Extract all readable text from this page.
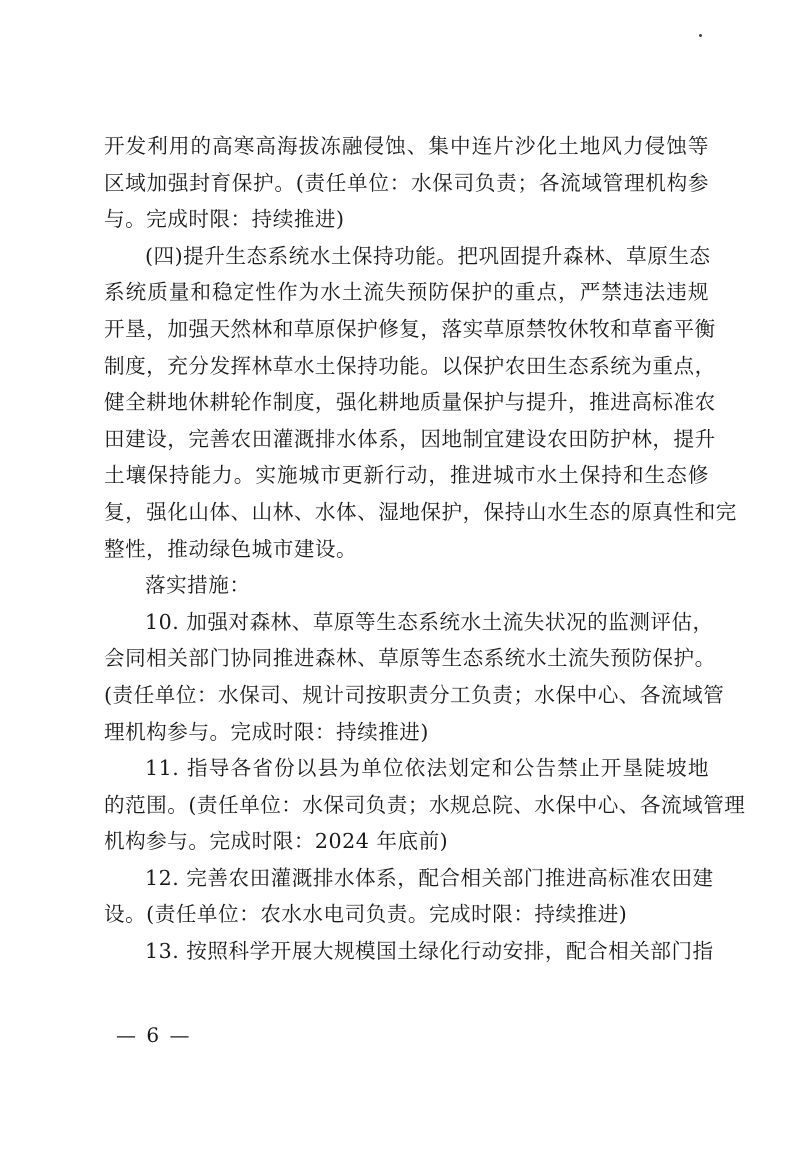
开发利用的高寒高海拔冻融侵蚀、集中连片沙化土地风力侵蚀等
区域加强封育保护。(责任单位：水保司负责；各流域管理机构参
与。完成时限：持续推进)
(四)提升生态系统水土保持功能。把巩固提升森林、草原生态
系统质量和稳定性作为水土流失预防保护的重点，严禁违法违规
开垦，加强天然林和草原保护修复，落实草原禁牧休牧和草畜平衡
制度，充分发挥林草水土保持功能。以保护农田生态系统为重点，
健全耕地休耕轮作制度，强化耕地质量保护与提升，推进高标准农
田建设，完善农田灌溉排水体系，因地制宜建设农田防护林，提升
土壤保持能力。实施城市更新行动，推进城市水土保持和生态修
复，强化山体、山林、水体、湿地保护，保持山水生态的原真性和完
整性，推动绿色城市建设。
落实措施：
10. 加强对森林、草原等生态系统水土流失状况的监测评估，
会同相关部门协同推进森林、草原等生态系统水土流失预防保护。
(责任单位：水保司、规计司按职责分工负责；水保中心、各流域管
理机构参与。完成时限：持续推进)
11. 指导各省份以县为单位依法划定和公告禁止开垦陡坡地
的范围。(责任单位：水保司负责；水规总院、水保中心、各流域管理
机构参与。完成时限：2024 年底前)
12. 完善农田灌溉排水体系，配合相关部门推进高标准农田建
设。(责任单位：农水水电司负责。完成时限：持续推进)
13. 按照科学开展大规模国土绿化行动安排，配合相关部门指
— 6 —
